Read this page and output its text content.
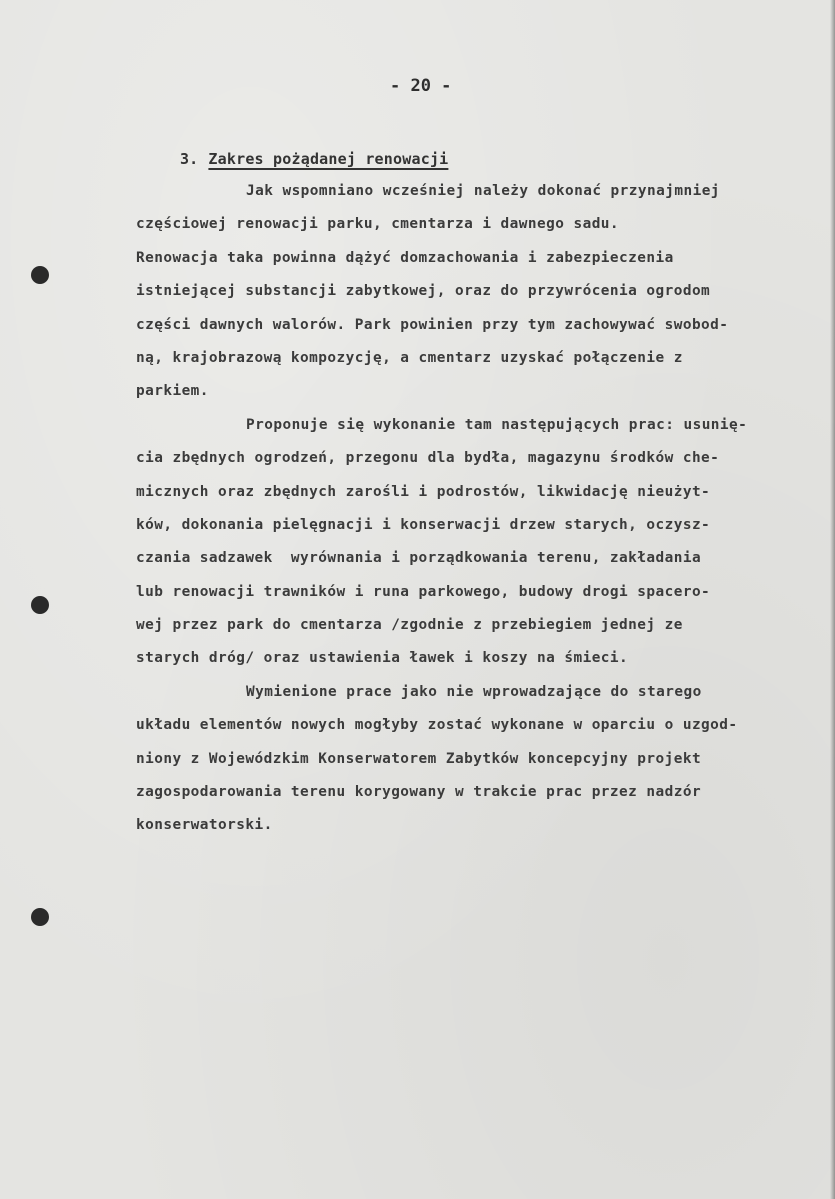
- 20 -

3. Zakres pożądanej renowacji

Jak wspomniano wcześniej należy dokonać przynajmniej
częściowej renowacji parku, cmentarza i dawnego sadu.
Renowacja taka powinna dążyć domzachowania i zabezpieczenia
istniejącej substancji zabytkowej, oraz do przywrócenia ogrodom
części dawnych walorów. Park powinien przy tym zachowywać swobod-
ną, krajobrazową kompozycję, a cmentarz uzyskać połączenie z
parkiem.
Proponuje się wykonanie tam następujących prac: usunię-
cia zbędnych ogrodzeń, przegonu dla bydła, magazynu środków che-
micznych oraz zbędnych zarośli i podrostów, likwidację nieużyt-
ków, dokonania pielęgnacji i konserwacji drzew starych, oczysz-
czania sadzawek  wyrównania i porządkowania terenu, zakładania
lub renowacji trawników i runa parkowego, budowy drogi spacero-
wej przez park do cmentarza /zgodnie z przebiegiem jednej ze
starych dróg/ oraz ustawienia ławek i koszy na śmieci.
Wymienione prace jako nie wprowadzające do starego
układu elementów nowych mogłyby zostać wykonane w oparciu o uzgod-
niony z Wojewódzkim Konserwatorem Zabytków koncepcyjny projekt
zagospodarowania terenu korygowany w trakcie prac przez nadzór
konserwatorski.
